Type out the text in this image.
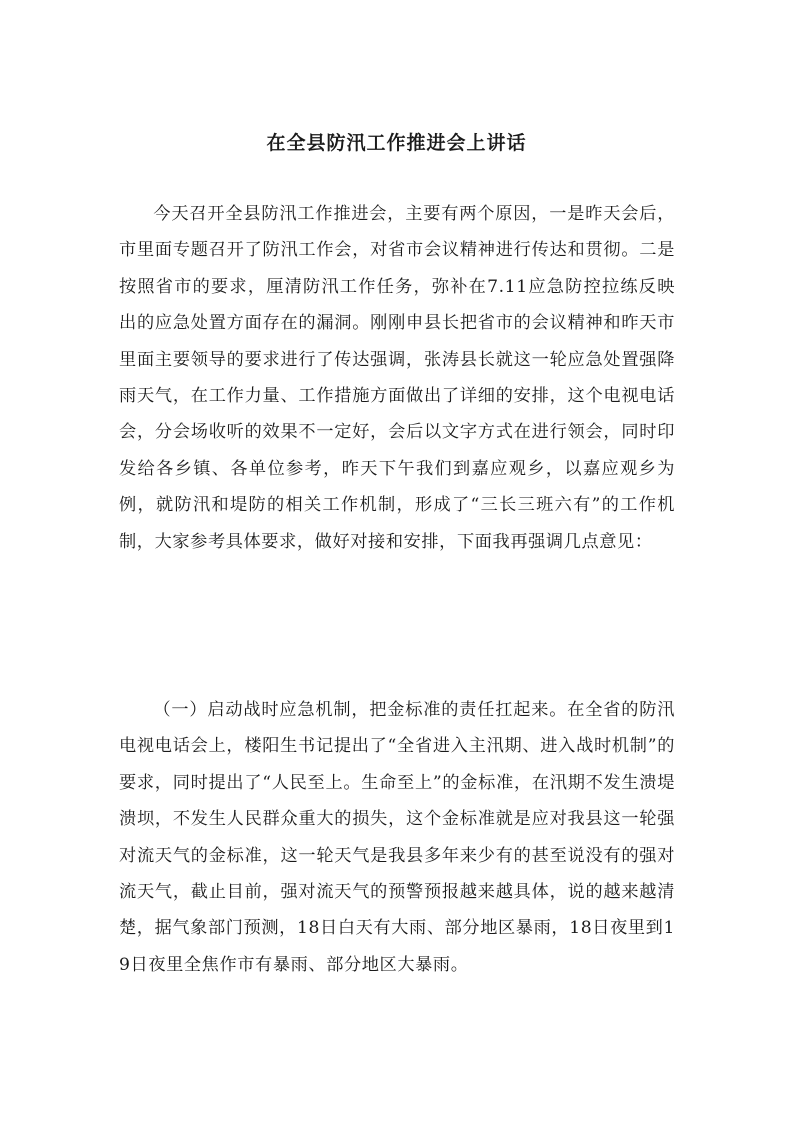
在全县防汛工作推进会上讲话

今天召开全县防汛工作推进会，主要有两个原因，一是昨天会后，市里面专题召开了防汛工作会，对省市会议精神进行传达和贯彻。二是按照省市的要求，厘清防汛工作任务，弥补在7.11应急防控拉练反映出的应急处置方面存在的漏洞。刚刚申县长把省市的会议精神和昨天市里面主要领导的要求进行了传达强调，张涛县长就这一轮应急处置强降雨天气，在工作力量、工作措施方面做出了详细的安排，这个电视电话会，分会场收听的效果不一定好，会后以文字方式在进行领会，同时印发给各乡镇、各单位参考，昨天下午我们到嘉应观乡，以嘉应观乡为例，就防汛和堤防的相关工作机制，形成了“三长三班六有”的工作机制，大家参考具体要求，做好对接和安排，下面我再强调几点意见：

（一）启动战时应急机制，把金标准的责任扛起来。在全省的防汛电视电话会上，楼阳生书记提出了“全省进入主汛期、进入战时机制”的要求，同时提出了“人民至上。生命至上”的金标准，在汛期不发生溃堤溃坝，不发生人民群众重大的损失，这个金标准就是应对我县这一轮强对流天气的金标准，这一轮天气是我县多年来少有的甚至说没有的强对流天气，截止目前，强对流天气的预警预报越来越具体，说的越来越清楚，据气象部门预测，18日白天有大雨、部分地区暴雨，18日夜里到19日夜里全焦作市有暴雨、部分地区大暴雨。
